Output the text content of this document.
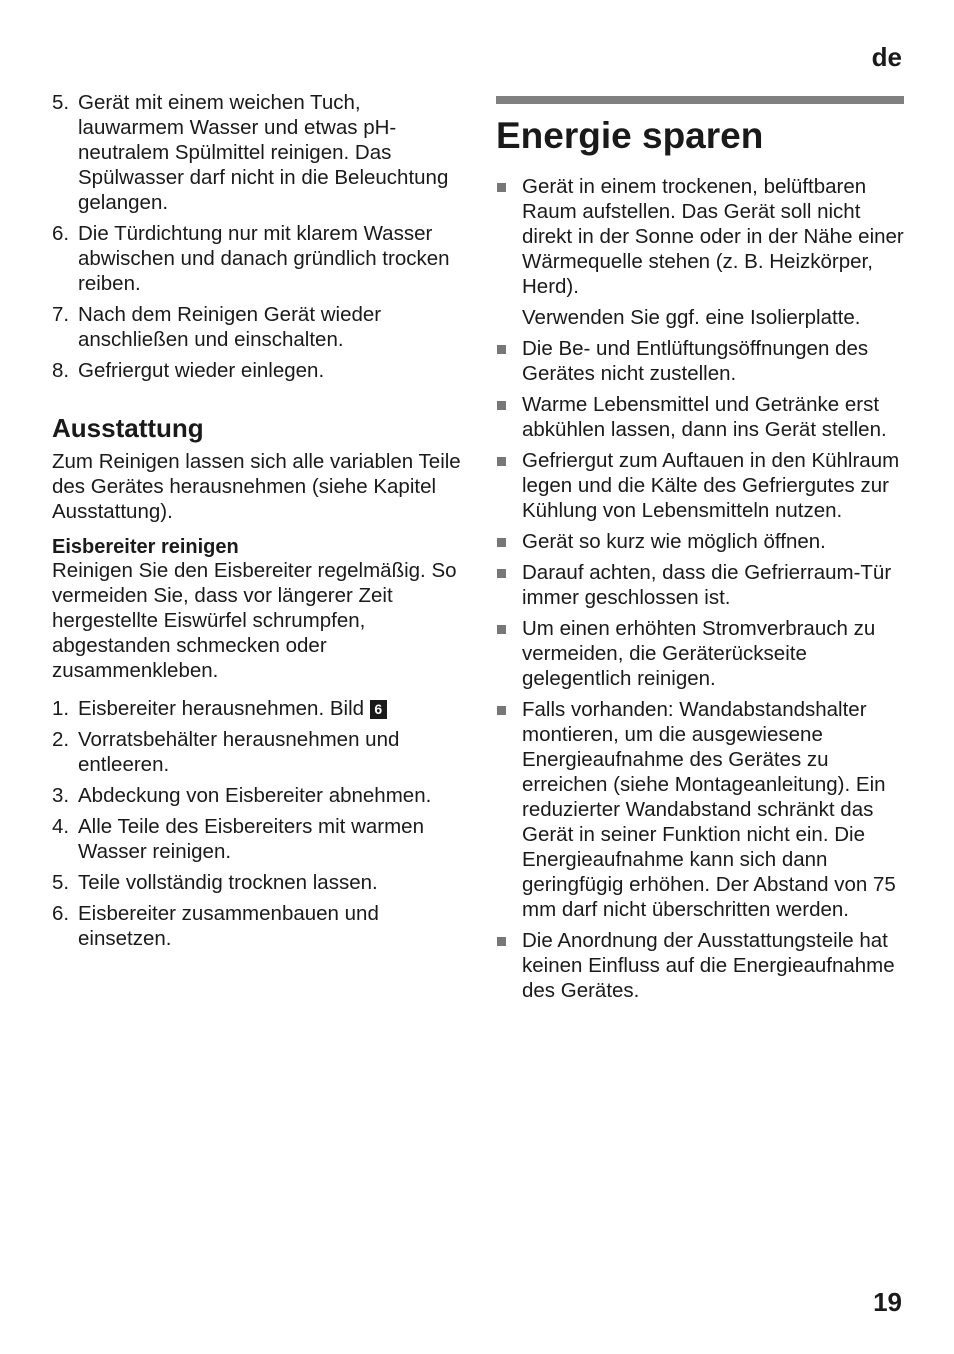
de
5. Gerät mit einem weichen Tuch, lauwarmem Wasser und etwas pH-neutralem Spülmittel reinigen. Das Spülwasser darf nicht in die Beleuchtung gelangen.
6. Die Türdichtung nur mit klarem Wasser abwischen und danach gründlich trocken reiben.
7. Nach dem Reinigen Gerät wieder anschließen und einschalten.
8. Gefriergut wieder einlegen.
Ausstattung

Zum Reinigen lassen sich alle variablen Teile des Gerätes herausnehmen (siehe Kapitel Ausstattung).

Eisbereiter reinigen

Reinigen Sie den Eisbereiter regelmäßig. So vermeiden Sie, dass vor längerer Zeit hergestellte Eiswürfel schrumpfen, abgestanden schmecken oder zusammenkleben.

1. Eisbereiter herausnehmen. Bild 6
2. Vorratsbehälter herausnehmen und entleeren.
3. Abdeckung von Eisbereiter abnehmen.
4. Alle Teile des Eisbereiters mit warmen Wasser reinigen.
5. Teile vollständig trocknen lassen.
6. Eisbereiter zusammenbauen und einsetzen.
Energie sparen
Gerät in einem trockenen, belüftbaren Raum aufstellen. Das Gerät soll nicht direkt in der Sonne oder in der Nähe einer Wärmequelle stehen (z. B. Heizkörper, Herd).

Verwenden Sie ggf. eine Isolierplatte.

Die Be- und Entlüftungsöffnungen des Gerätes nicht zustellen.
Warme Lebensmittel und Getränke erst abkühlen lassen, dann ins Gerät stellen.
Gefriergut zum Auftauen in den Kühlraum legen und die Kälte des Gefriergutes zur Kühlung von Lebensmitteln nutzen.
Gerät so kurz wie möglich öffnen.
Darauf achten, dass die Gefrierraum-Tür immer geschlossen ist.
Um einen erhöhten Stromverbrauch zu vermeiden, die Geräterückseite gelegentlich reinigen.
Falls vorhanden: Wandabstandshalter montieren, um die ausgewiesene Energieaufnahme des Gerätes zu erreichen (siehe Montageanleitung). Ein reduzierter Wandabstand schränkt das Gerät in seiner Funktion nicht ein. Die Energieaufnahme kann sich dann geringfügig erhöhen. Der Abstand von 75 mm darf nicht überschritten werden.
Die Anordnung der Ausstattungsteile hat keinen Einfluss auf die Energieaufnahme des Gerätes.
19
